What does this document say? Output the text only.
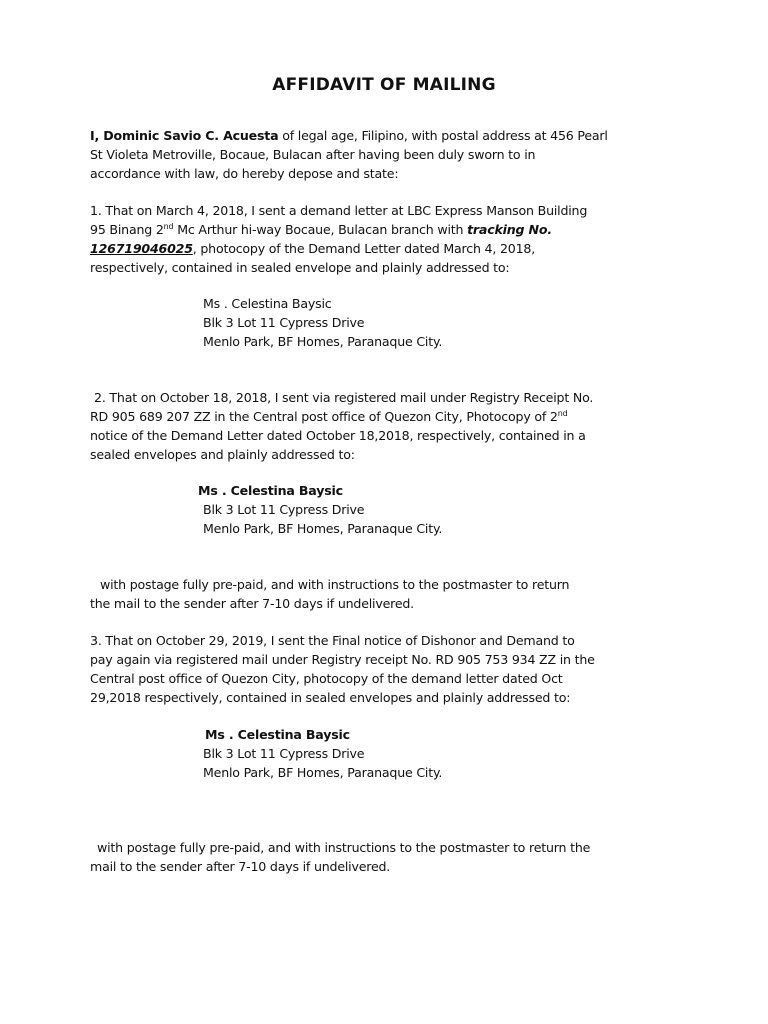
AFFIDAVIT OF MAILING
I, Dominic Savio C. Acuesta of legal age, Filipino, with postal address at 456 Pearl
St Violeta Metroville, Bocaue, Bulacan after having been duly sworn to in
accordance with law, do hereby depose and state:
1. That on March 4, 2018, I sent a demand letter at LBC Express Manson Building
95 Binang 2nd Mc Arthur hi-way Bocaue, Bulacan branch with tracking No.
126719046025, photocopy of the Demand Letter dated March 4, 2018,
respectively, contained in sealed envelope and plainly addressed to:
Ms . Celestina Baysic
Blk 3 Lot 11 Cypress Drive
Menlo Park, BF Homes, Paranaque City.
2. That on October 18, 2018, I sent via registered mail under Registry Receipt No.
RD 905 689 207 ZZ in the Central post office of Quezon City, Photocopy of 2nd
notice of the Demand Letter dated October 18,2018, respectively, contained in a
sealed envelopes and plainly addressed to:
Ms . Celestina Baysic
Blk 3 Lot 11 Cypress Drive
Menlo Park, BF Homes, Paranaque City.
with postage fully pre-paid, and with instructions to the postmaster to return
the mail to the sender after 7-10 days if undelivered.
3. That on October 29, 2019, I sent the Final notice of Dishonor and Demand to
pay again via registered mail under Registry receipt No. RD 905 753 934 ZZ in the
Central post office of Quezon City, photocopy of the demand letter dated Oct
29,2018 respectively, contained in sealed envelopes and plainly addressed to:
Ms . Celestina Baysic
Blk 3 Lot 11 Cypress Drive
Menlo Park, BF Homes, Paranaque City.
with postage fully pre-paid, and with instructions to the postmaster to return the
mail to the sender after 7-10 days if undelivered.
